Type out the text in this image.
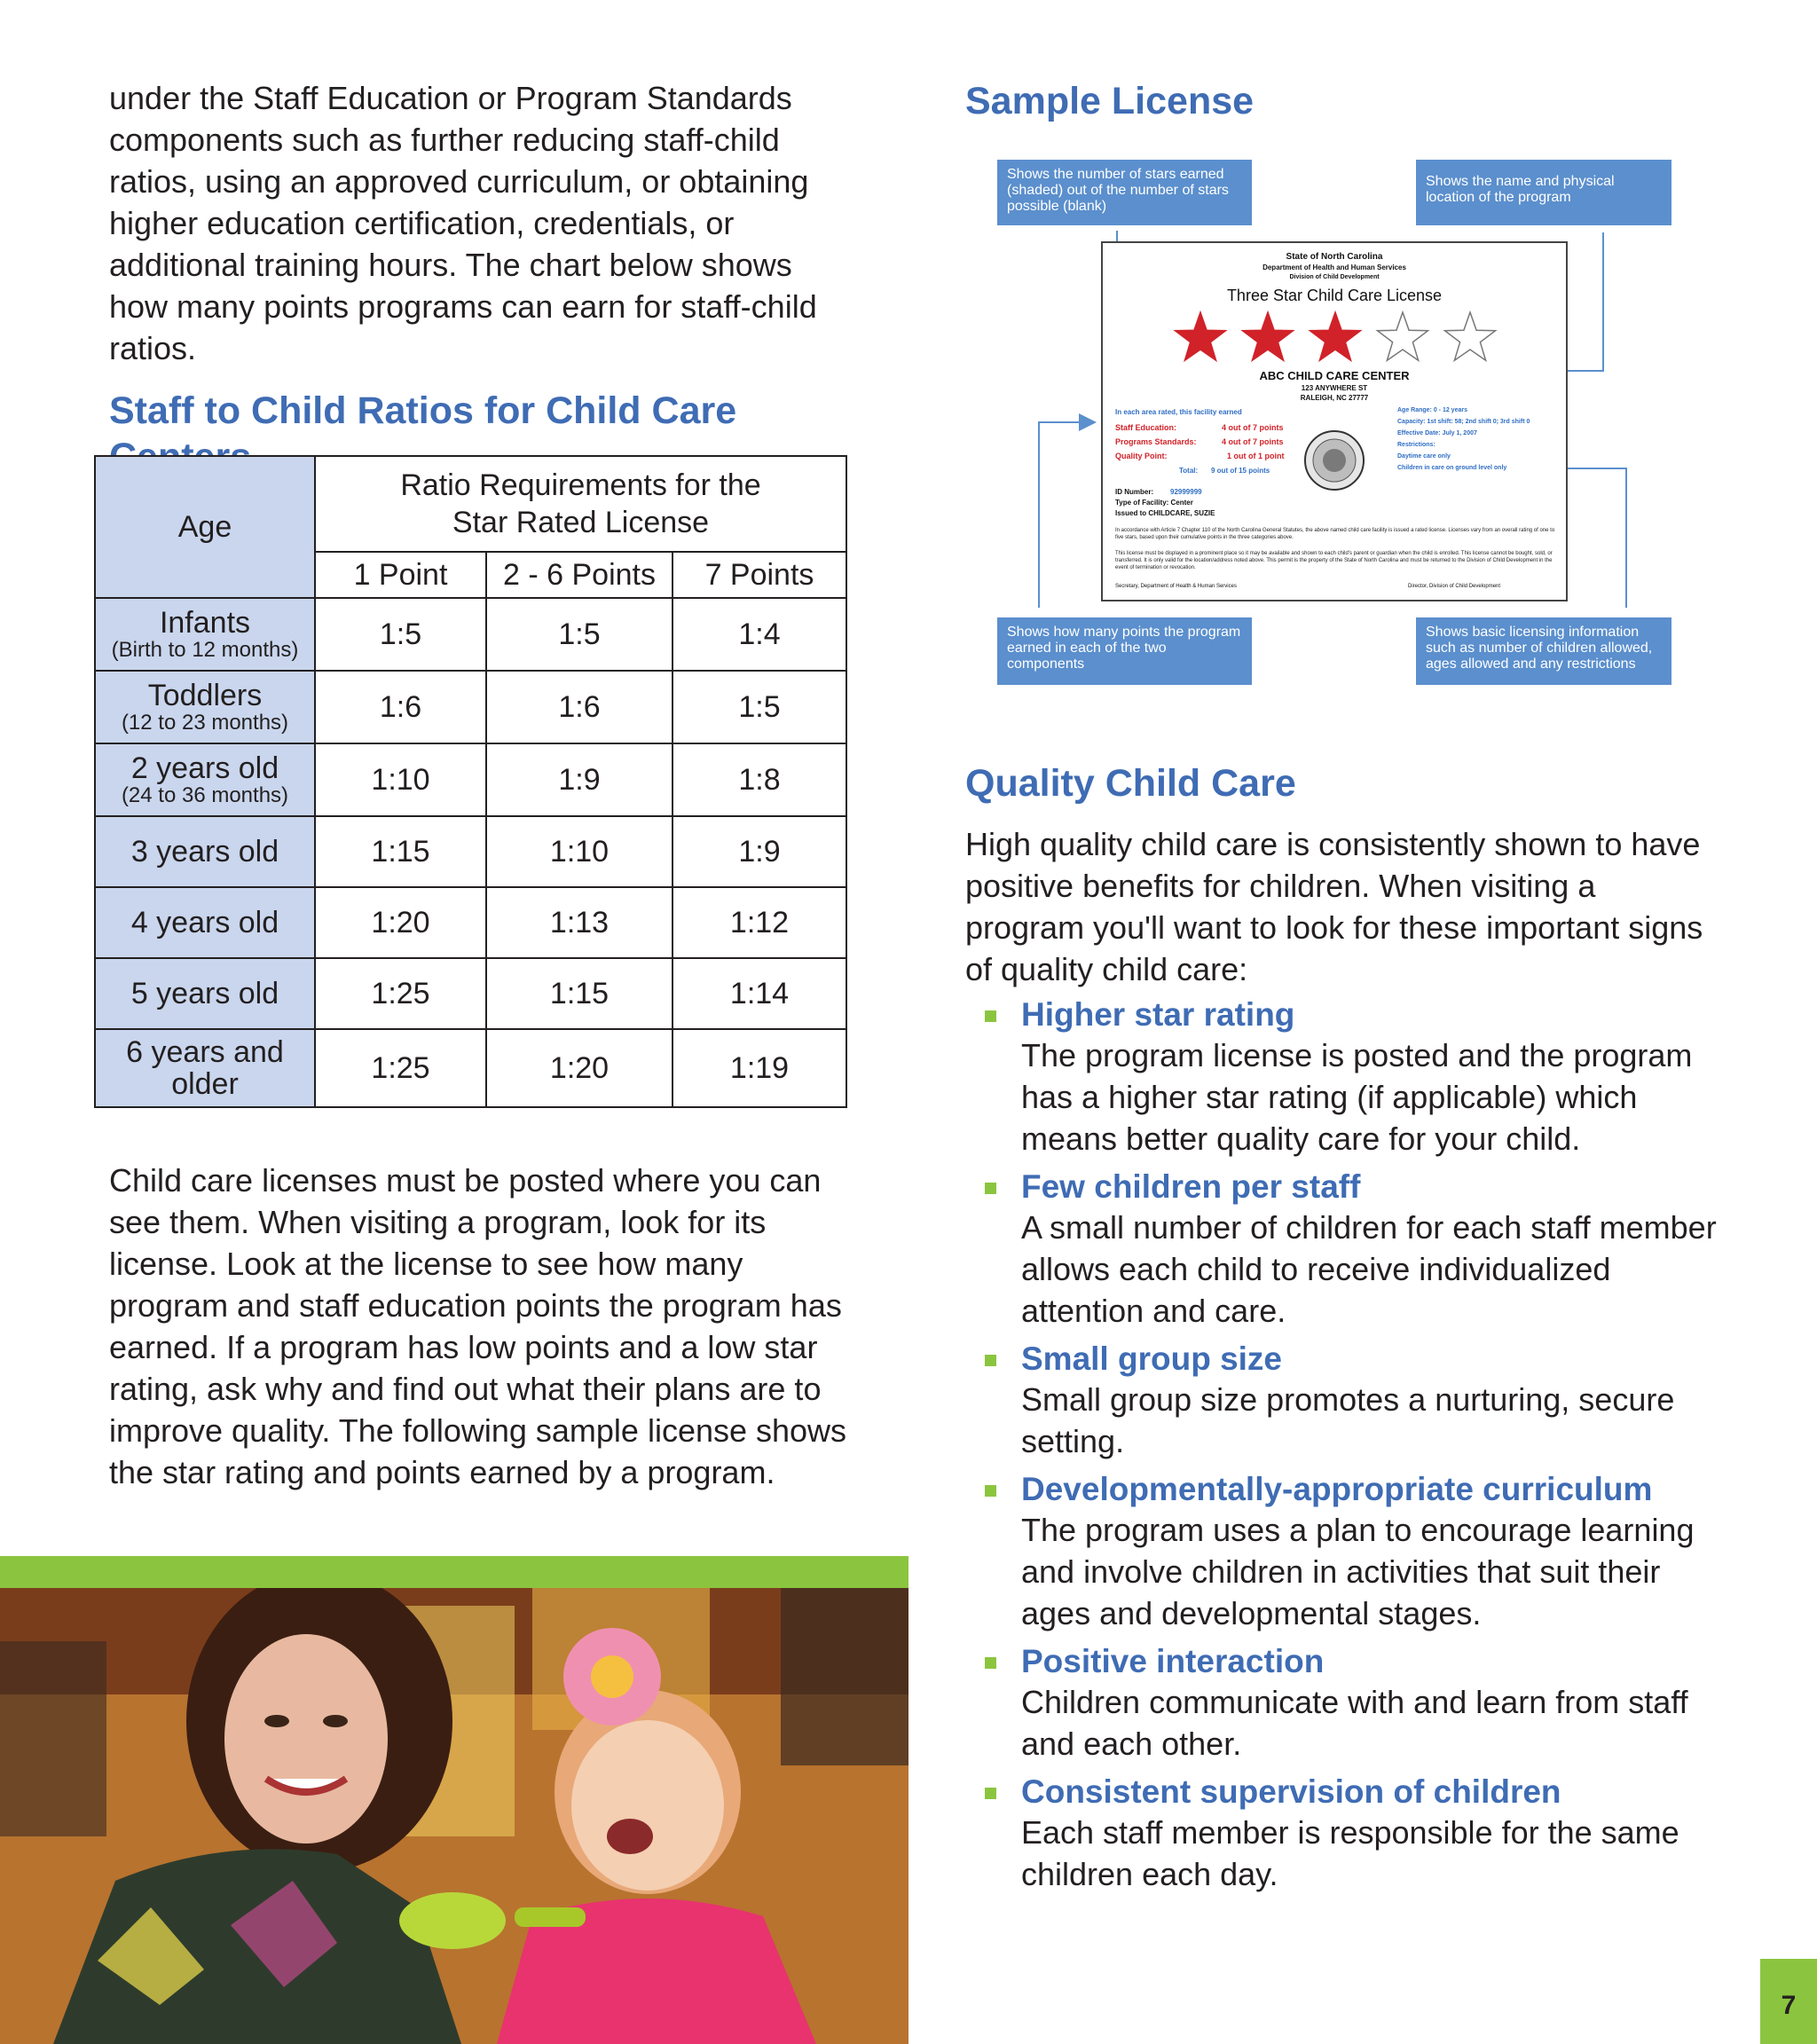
under the Staff Education or Program Standards components such as further reducing staff-child ratios, using an approved curriculum, or obtaining higher education certification, credentials, or additional training hours. The chart below shows how many points programs can earn for staff-child ratios.

Staff to Child Ratios for Child Care
Age	Ratio Requirements for the
Star Rated License		

	1 Point	2 - 6 Points	7 Points

Infants
(Birth to 12 months)	1:5	1:5	1:4

Toddlers
(12 to 23 months)	1:6	1:6	1:5

2 years old
(24 to 36 months)	1:10	1:9	1:8

3 years old	1:15	1:10	1:9

4 years old	1:20	1:13	1:12

5 years old	1:25	1:15	1:14

6 years and older	1:25	1:20	1:19

Child care licenses must be posted where you can see them. When visiting a program, look for its license. Look at the license to see how many program and staff education points the program has earned. If a program has low points and a low star rating, ask why and find out what their plans are to improve quality. The following sample license shows the star rating and points earned by a program.

Sample License
Shows the number of stars earned (shaded) out of the number of stars possible (blank)
Shows the name and physical location of the program
Shows how many points the program earned in each of the two components
Shows basic licensing information such as number of children allowed, ages allowed and any restrictions
State of North Carolina
Department of Health and Human Services
Division of Child Development
Three Star Child Care License
ABC CHILD CARE CENTER
123 ANYWHERE ST
RALEIGH, NC 27777
In each area rated, this facility earned
Staff Education:	4 out of 7 points
Programs Standards:	4 out of 7 points
Quality Point:	1 out of 1 point
Total: 9 out of 15 points
Age Range: 0 - 12 years
Capacity: 1st shift: 58; 2nd shift 0; 3rd shift 0
Effective Date: July 1, 2007
Restrictions:
Daytime care only
Children in care on ground level only
ID Number: 92999999
Type of Facility: Center
Issued to CHILDCARE, SUZIE
In accordance with Article 7 Chapter 110 of the North Carolina General Statutes, the above named child care facility is issued a rated license. Licenses vary from an overall rating of one to five stars, based upon their cumulative points in the three categories above.
This license must be displayed in a prominent place so it may be available and shown to each child's parent or guardian when the child is enrolled. This license cannot be bought, sold, or transferred. It is only valid for the location/address noted above. This permit is the property of the State of North Carolina and must be returned to the Division of Child Development in the event of termination or revocation.
Secretary, Department of Health & Human Services	Director, Division of Child Development
Quality Child Care

High quality child care is consistently shown to have positive benefits for children. When visiting a program you'll want to look for these important signs of quality child care:

Higher star rating
The program license is posted and the program has a higher star rating (if applicable) which means better quality care for your child.
Few children per staff
A small number of children for each staff member allows each child to receive individualized attention and care.
Small group size
Small group size promotes a nurturing, secure setting.
Developmentally-appropriate curriculum
The program uses a plan to encourage learning and involve children in activities that suit their ages and developmental stages.
Positive interaction
Children communicate with and learn from staff and each other.
Consistent supervision of children
Each staff member is responsible for the same children each day.
7
